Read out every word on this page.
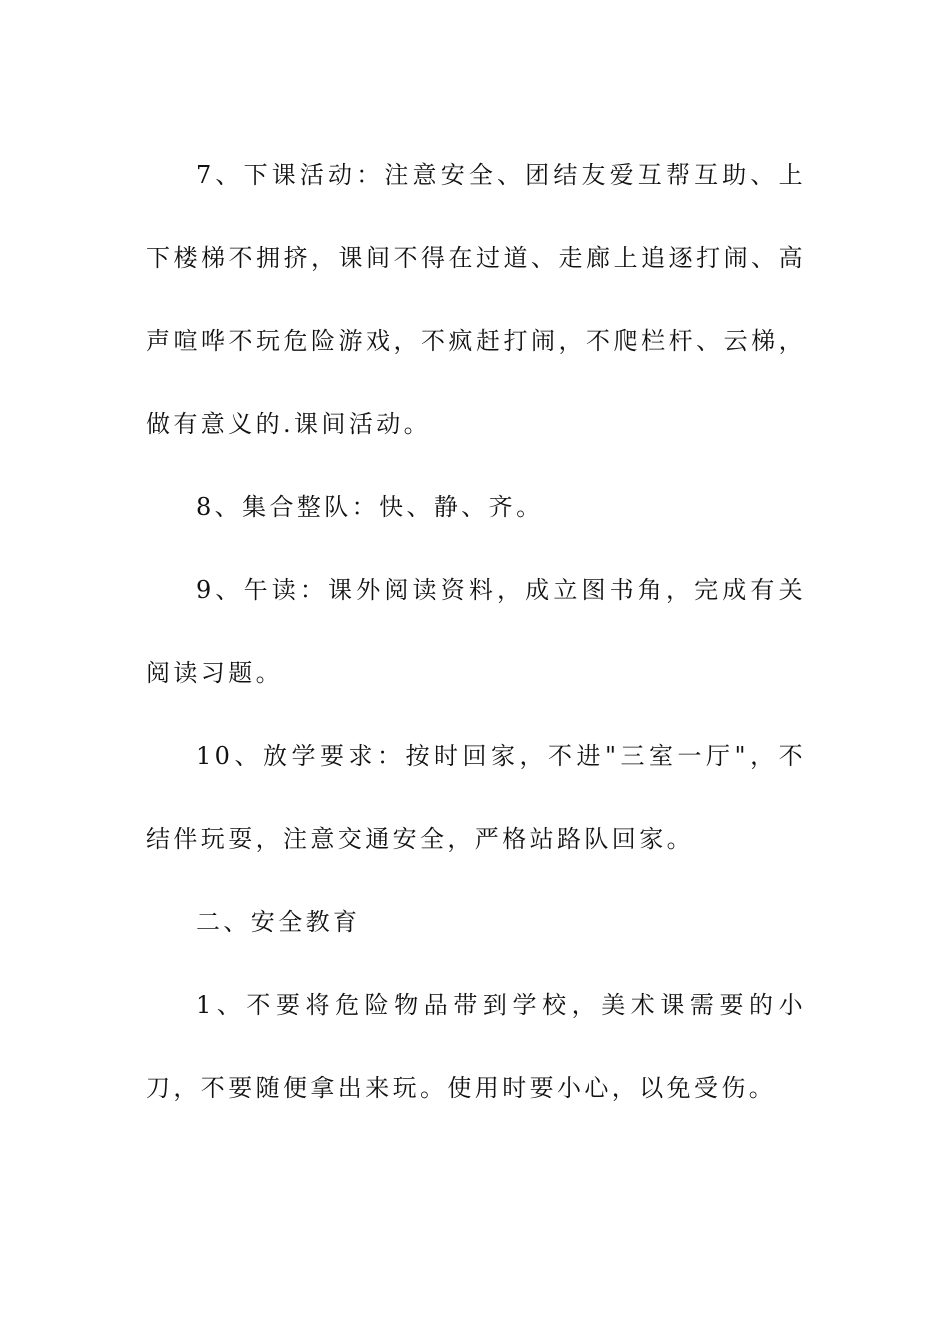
7、下课活动：注意安全、团结友爱互帮互助、上下楼梯不拥挤，课间不得在过道、走廊上追逐打闹、高声喧哗不玩危险游戏，不疯赶打闹，不爬栏杆、云梯，做有意义的.课间活动。

8、集合整队：快、静、齐。

9、午读：课外阅读资料，成立图书角，完成有关阅读习题。

10、放学要求：按时回家，不进"三室一厅"，不结伴玩耍，注意交通安全，严格站路队回家。

二、安全教育

1、不要将危险物品带到学校，美术课需要的小刀，不要随便拿出来玩。使用时要小心，以免受伤。
